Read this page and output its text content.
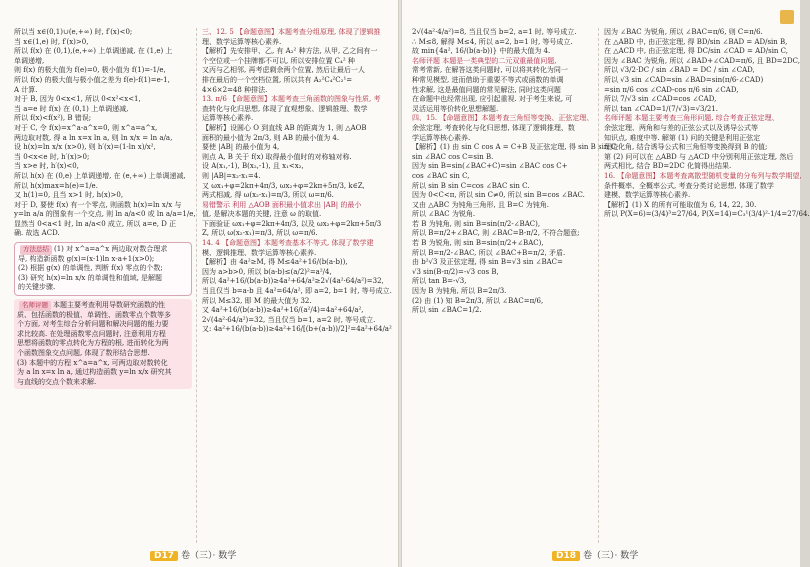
所以当 x∈(0,1)∪(e,+∞) 时, f′(x)<0;
当 x∈(1,e) 时, f′(x)>0,
所以 f(x) 在 (0,1),(e,+∞) 上单调递减, 在 (1,e) 上
单调递增,
则 f(x) 的极大值为 f(e)=0, 极小值为 f(1)=-1/e,
所以 f(x) 的极大值与极小值之差为 f(e)-f(1)=e-1,
A 计算.
对于 B, 因为 0<x<1, 所以 0<x²<x<1,
当 a=e 时 f(x) 在 (0,1) 上单调递减,
所以 f(x)<f(x²), B 错误;
对于 C, 令 f(x)=x^a-a^x=0, 则 x^a=a^x,
两边取对数, 得 a ln x=x ln a, 则 ln x/x = ln a/a,
设 h(x)=ln x/x (x>0), 则 h′(x)=(1-ln x)/x²,
当 0<x<e 时, h′(x)>0;
当 x>e 时, h′(x)<0,
所以 h(x) 在 (0,e) 上单调递增, 在 (e,+∞) 上单调递减,
所以 h(x)max=h(e)=1/e.
又 h(1)=0, 且当 x>1 时, h(x)>0,
对于 D, 要使 f(x) 有一个零点, 则函数 h(x)=ln x/x 与
y=ln a/a 的图象有一个交点, 则 ln a/a<0 或 ln a/a=1/e,
显然当 0<a<1 时, ln a/a<0 成立, 所以 a=e, D 正
确. 故选 ACD.
方法总结 (1) 对 x^a=a^x 两边取对数合理求
导, 构造新函数 g(x)=(x-1)ln x-a+1(x>0);
(2) 根据 g(x) 的单调性, 判断 f(x) 零点的个数;
(3) 研究 h(x)=ln x/x 的单调性和值域, 是解题
的关键步骤.
名师评题 本题主要考查利用导数研究函数的性
质、包括函数的极值、单调性、函数零点个数等多
个方面, 对考生综合分析问题和解决问题的能力要
求比较高. 在处理函数零点问题时, 注意利用方程
思想将函数的零点转化为方程的根, 进而转化为两
个函数图象交点问题, 体现了数形结合思想.
(3) 本题中的方程 x^a=a^x, 可两边取对数转化
为 a ln x=x ln a, 通过构造函数 y=ln x/x 研究其
与直线的交点个数来求解.
三、12. 5 【命题意图】本题考查分组原理, 体现了逻辑推
理、数学运算等核心素养.
【解析】先安排甲、乙, 有 A₂² 种方法, 从甲, 乙之间有一
个空位或一个挂牌都不可以, 所以安排位置 C₄² 种
又丙与乙相邻, 再考虑剩余两个位置, 然后让最后一人
排在最后的一个空档位置, 所以共有 A₂²C₄²C₂¹=
4×6×2=48 种排法.
13. π/6 【命题意图】本题考查三角函数的图象与性质, 考
查转化与化归思想, 体现了直观想象、逻辑推理、数学
运算等核心素养.
【解析】设圆心 O 到直线 AB 的距离为 1, 则 △AOB
面积的最小值为 2π/3, 则 AB 的最小值为 4.
要使 |AB| 的最小值为 4,
则点 A, B 关于 f(x) 取得最小值时的对称轴对称.
设 A(x₁,-1), B(x₂,-1), 且 x₁<x₂,
则 |AB|=x₂-x₁=4.
又 ωx₁+φ=2kπ+4π/3, ωx₂+φ=2kπ+5π/3, k∈Z,
两式相减, 得 ω(x₂-x₁)=π/3, 所以 ω=π/6.
易错警示 利用 △AOB 面积最小值求出 |AB| 的最小
值, 是解决本题的关键, 注意 ω 的取值.
下面验证 ωx₁+φ=2kπ+4π/3, 以及 ωx₂+φ=2kπ+5π/3
Z, 所以 ω(x₂-x₁)=π/3, 所以 ω=π/6.
14. 4 【命题意图】本题考查基本不等式, 体现了数学建
模、逻辑推理、数学运算等核心素养.
【解析】由 4a²≥M, 得 M≤4a²+16/(b(a-b)),
因为 a>b>0, 所以 b(a-b)≤(a/2)²=a²/4,
所以 4a²+16/(b(a-b))≥4a²+64/a²≥2√(4a²·64/a²)=32,
当且仅当 b=a-b 且 4a²=64/a², 即 a=2, b=1 时, 等号成立.
所以 M≤32, 即 M 的最大值为 32.
又 4a²+16/(b(a-b))≥4a²+16/(a²/4)=4a²+64/a²,
2√(4a²·64/a²)=32, 当且仅当 b=1, a=2 时, 等号成立.
又: 4a²+16/(b(a-b))≥4a²+16/[(b+(a-b))/2]²=4a²+64/a²
D17 卷（三）· 数学
2√(4a²·4/a²)=8, 当且仅当 b=2, a=1 时, 等号成立.
∴ M≤8, 解得 M≤4, 所以 a=2, b=1 时, 等号成立.
故 min{4a², 16/(b(a-b))} 中的最大值为 4.
名师评题 本题是一类典型的二元双重最值问题,
常考常新, 在解答这类问题时, 可以将其转化为同一
种常见模型, 进而借助于重要不等式或函数的单调
性求解, 这是最值问题的常见解法, 同时这类问题
在命题中也经常出现, 应引起重视. 对于考生来说, 可
灵活运用等价转化思想解题.
四、15. 【命题意图】本题考查三角恒等变换、正弦定理、
余弦定理, 考查转化与化归思想, 体现了逻辑推理、数
学运算等核心素养.
【解析】(1) 由 sin C cos A = C+B 及正弦定理, 得 sin B sin C·
sin ∠BAC cos C=sin B.
因为 sin B=sin(∠BAC+C)=sin ∠BAC cos C+
cos ∠BAC sin C,
所以 sin B sin C=cos ∠BAC sin C.
因为 0<C<π, 所以 sin C≠0, 所以 sin B=cos ∠BAC.
又由 △ABC 为钝角三角形, 且 B=C 为钝角.
所以 ∠BAC 为锐角.
若 B 为钝角, 则 sin B=sin(π/2-∠BAC),
所以 B=π/2+∠BAC, 则 ∠BAC=B-π/2, 不符合题意;
若 B 为锐角, 则 sin B=sin(π/2+∠BAC),
所以 B=π/2-∠BAC, 所以 ∠BAC+B=π/2, 矛盾.
由 b²√3 及正弦定理, 得 sin B=√3 sin ∠BAC=
√3 sin(B-π/2)=-√3 cos B,
所以 tan B=-√3,
因为 B 为钝角, 所以 B=2π/3.
(2) 由 (1) 知 B=2π/3, 所以 ∠BAC=π/6,
所以 sin ∠BAC=1/2.
因为 ∠BAC 为锐角, 所以 ∠BAC=π/6, 则 C=π/6.
在 △ABD 中, 由正弦定理, 得 BD/sin ∠BAD = AD/sin B,
在 △ACD 中, 由正弦定理, 得 DC/sin ∠CAD = AD/sin C,
因为 ∠BAC 为锐角, 所以 ∠BAD+∠CAD=π/6, 且 BD=2DC,
所以 √3/2·DC / sin ∠BAD = DC / sin ∠CAD,
所以 √3 sin ∠CAD=sin ∠BAD=sin(π/6-∠CAD)
=sin π/6 cos ∠CAD-cos π/6 sin ∠CAD,
所以 7/√3 sin ∠CAD=cos ∠CAD,
所以 tan ∠CAD=1/(7/√3)=√3/21.
名师评题 本题主要考查三角形问题, 综合考查正弦定理、
余弦定理、两角和与差的正弦公式以及诱导公式等
知识点, 难度中等. 解第 (1) 问的关键是利用正弦定
理边化角, 结合诱导公式和三角恒等变换得到 B 的值;
第 (2) 问可以在 △ABD 与 △ACD 中分别利用正弦定理, 然后
两式相比, 结合 BD=2DC 化简得出结果.
16. 【命题意图】本题考查离散型随机变量的分布列与数学期望,
条件概率、全概率公式, 考查分类讨论思想, 体现了数学
建模、数学运算等核心素养.
【解析】(1) X 的所有可能取值为 6, 14, 22, 30.
所以 P(X=6)=(3/4)³=27/64, P(X=14)=C₃¹(3/4)²·1/4=27/64.
D18 卷（三）· 数学
